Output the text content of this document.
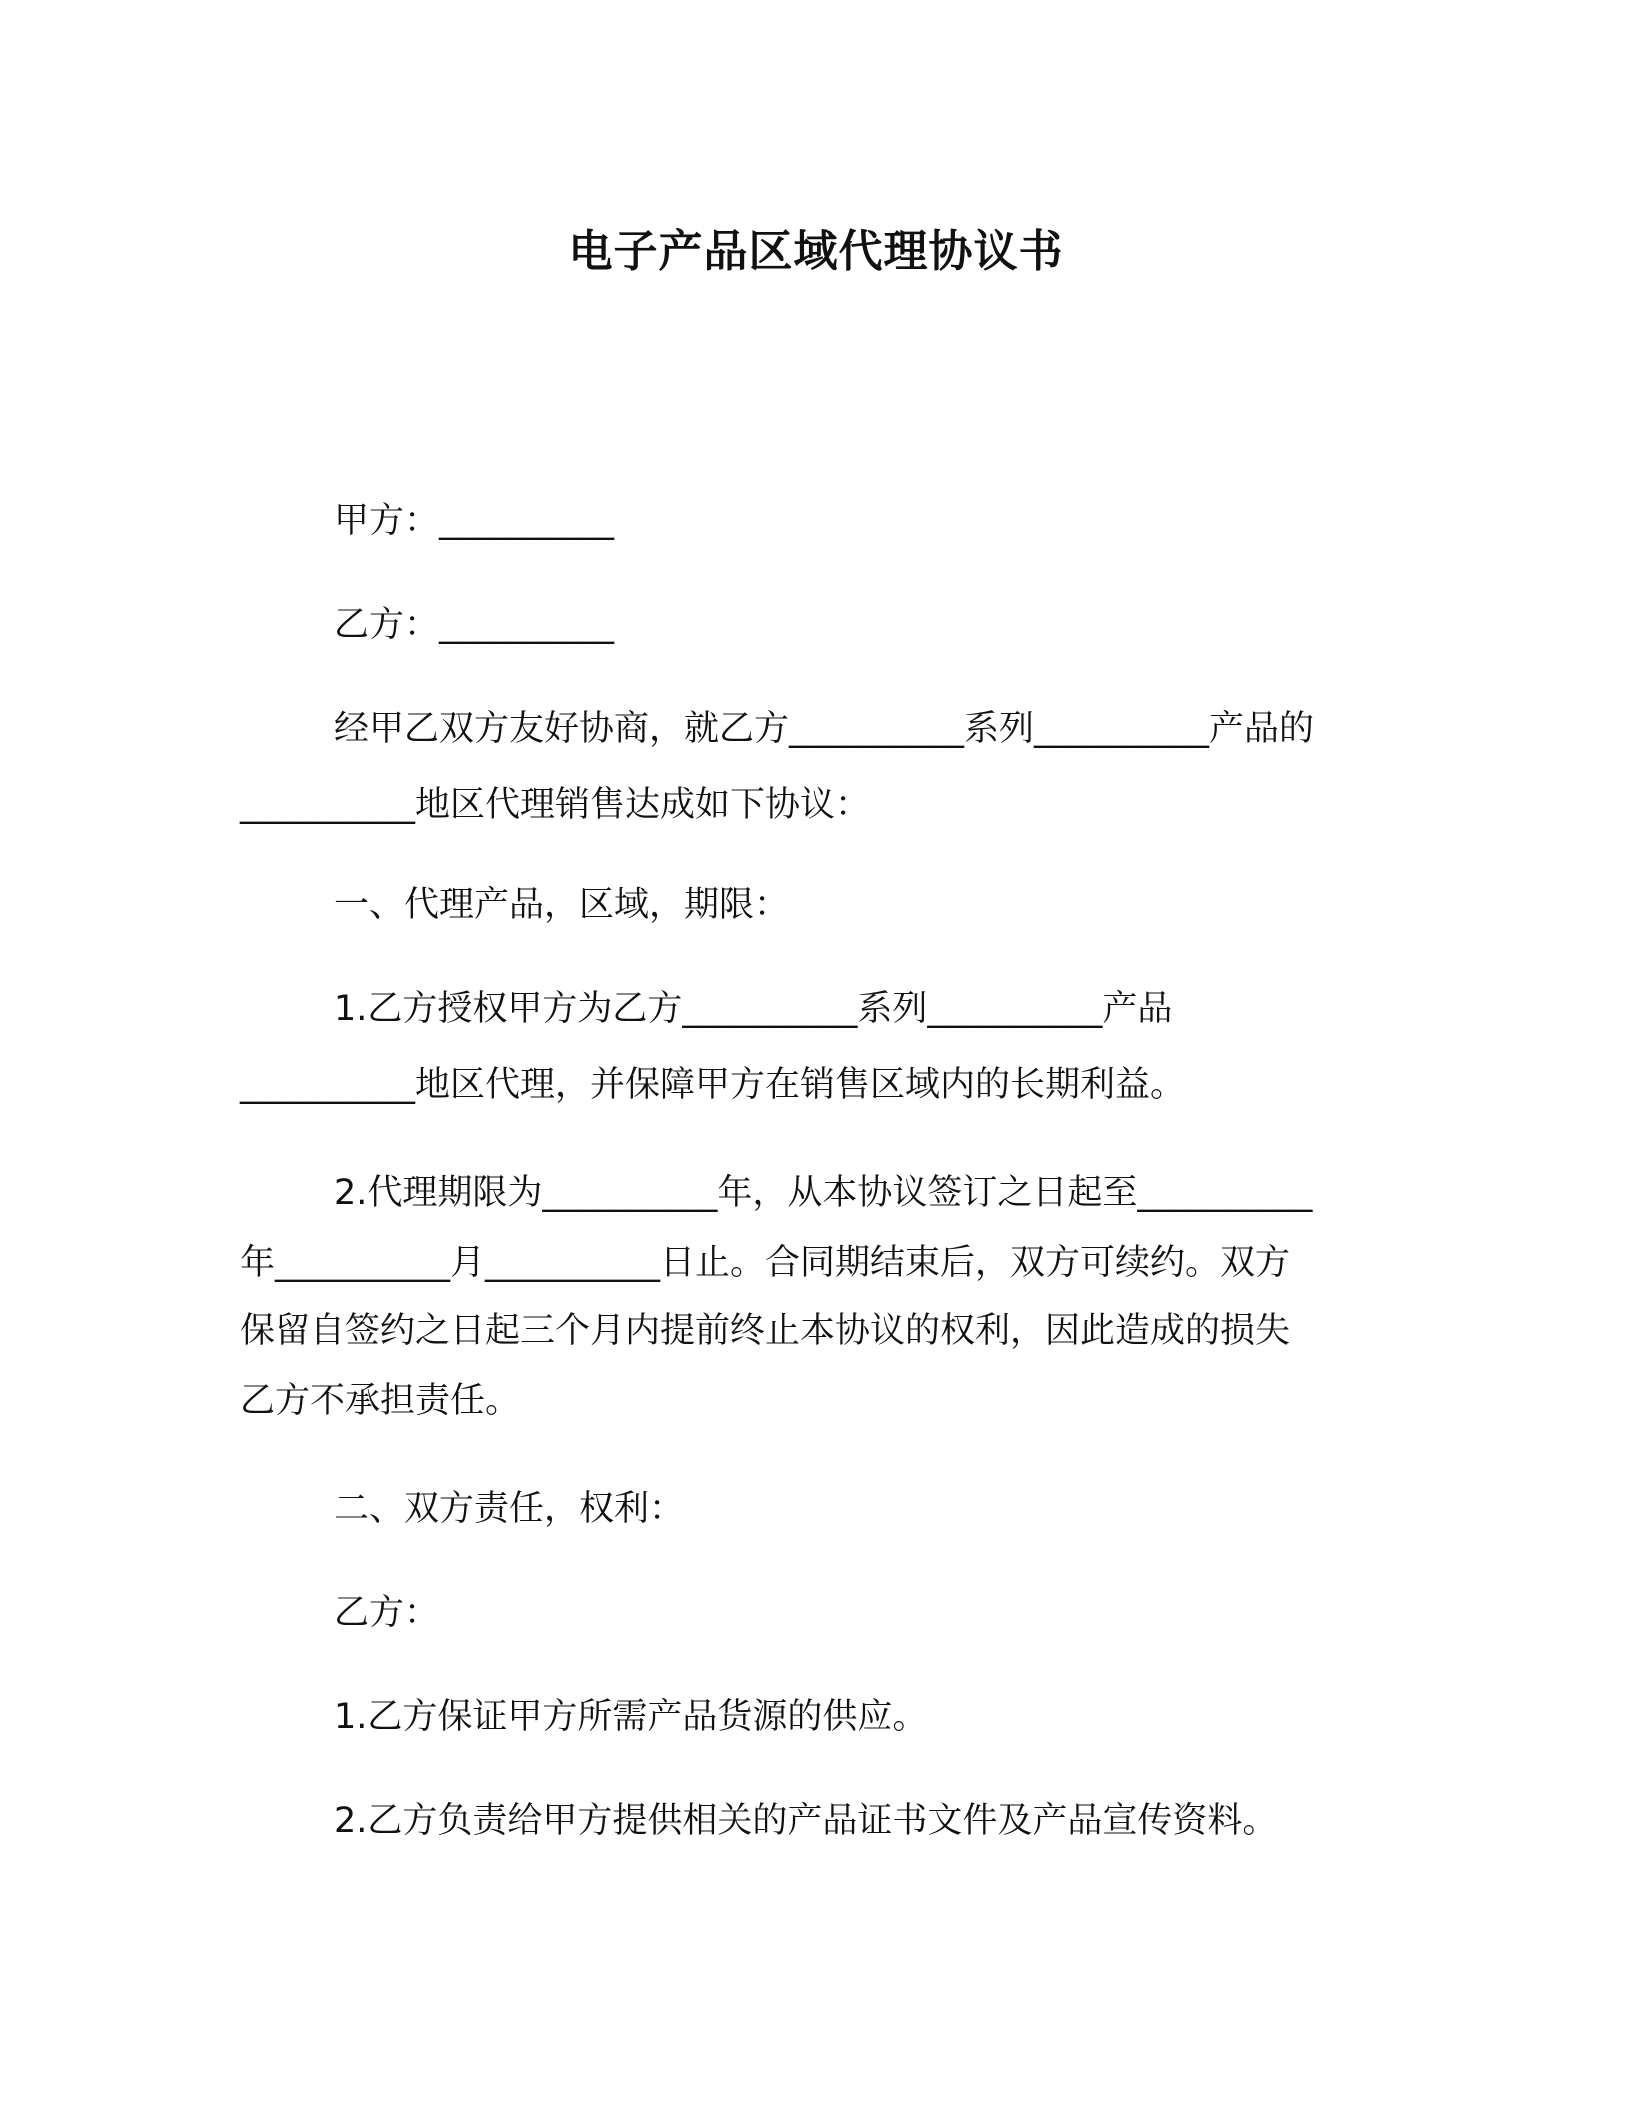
电子产品区域代理协议书
甲方：__________
乙方：__________
经甲乙双方友好协商，就乙方__________系列__________产品的
__________地区代理销售达成如下协议：
一、代理产品，区域，期限：
1.乙方授权甲方为乙方__________系列__________产品
__________地区代理，并保障甲方在销售区域内的长期利益。
2.代理期限为__________年，从本协议签订之日起至__________
年__________月__________日止。合同期结束后，双方可续约。双方
保留自签约之日起三个月内提前终止本协议的权利，因此造成的损失
乙方不承担责任。
二、双方责任，权利：
乙方：
1.乙方保证甲方所需产品货源的供应。
2.乙方负责给甲方提供相关的产品证书文件及产品宣传资料。
